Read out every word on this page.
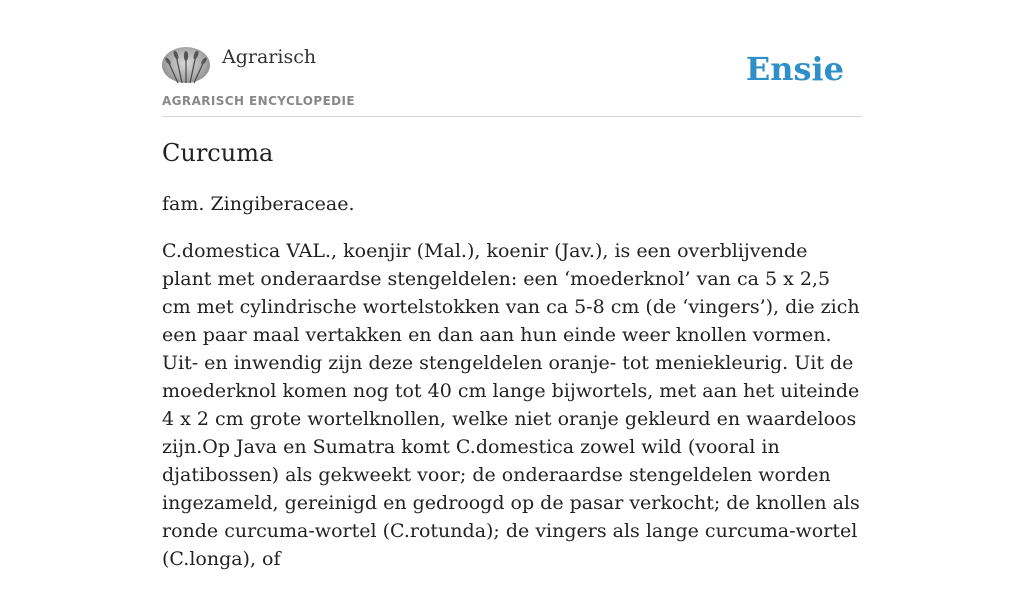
Agrarisch
AGRARISCH ENCYCLOPEDIE
Ensie
Curcuma

fam. Zingiberaceae.

C.domestica VAL., koenjir (Mal.), koenir (Jav.), is een overblijvende plant met onderaardse stengeldelen: een ‘moederknol’ van ca 5 x 2,5 cm met cylindrische wortelstokken van ca 5-8 cm (de ‘vingers’), die zich een paar maal vertakken en dan aan hun einde weer knollen vormen. Uit- en inwendig zijn deze stengeldelen oranje- tot meniekleurig. Uit de moederknol komen nog tot 40 cm lange bijwortels, met aan het uiteinde 4 x 2 cm grote wortelknollen, welke niet oranje gekleurd en waardeloos zijn.Op Java en Sumatra komt C.domestica zowel wild (vooral in djatibossen) als gekweekt voor; de onderaardse stengeldelen worden ingezameld, gereinigd en gedroogd op de pasar verkocht; de knollen als ronde curcuma-wortel (C.rotunda); de vingers als lange curcuma-wortel (C.longa), of
